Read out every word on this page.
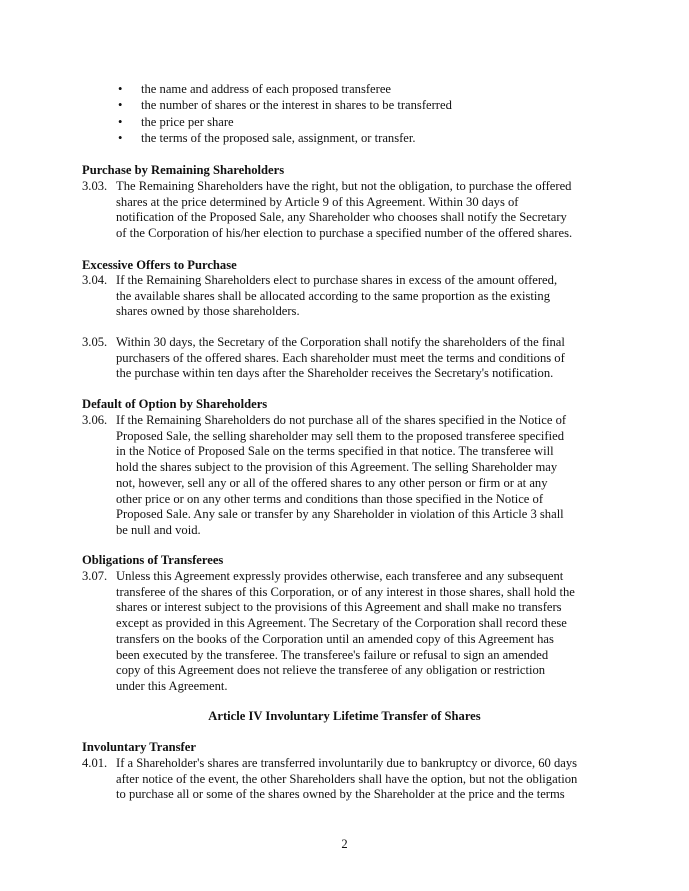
• the name and address of each proposed transferee
• the number of shares or the interest in shares to be transferred
• the price per share
• the terms of the proposed sale, assignment, or transfer.
Purchase by Remaining Shareholders
3.03. The Remaining Shareholders have the right, but not the obligation, to purchase the offered
shares at the price determined by Article 9 of this Agreement. Within 30 days of
notification of the Proposed Sale, any Shareholder who chooses shall notify the Secretary
of the Corporation of his/her election to purchase a specified number of the offered shares.
Excessive Offers to Purchase
3.04. If the Remaining Shareholders elect to purchase shares in excess of the amount offered,
the available shares shall be allocated according to the same proportion as the existing
shares owned by those shareholders.
3.05. Within 30 days, the Secretary of the Corporation shall notify the shareholders of the final
purchasers of the offered shares. Each shareholder must meet the terms and conditions of
the purchase within ten days after the Shareholder receives the Secretary's notification.
Default of Option by Shareholders
3.06. If the Remaining Shareholders do not purchase all of the shares specified in the Notice of
Proposed Sale, the selling shareholder may sell them to the proposed transferee specified
in the Notice of Proposed Sale on the terms specified in that notice. The transferee will
hold the shares subject to the provision of this Agreement. The selling Shareholder may
not, however, sell any or all of the offered shares to any other person or firm or at any
other price or on any other terms and conditions than those specified in the Notice of
Proposed Sale. Any sale or transfer by any Shareholder in violation of this Article 3 shall
be null and void.
Obligations of Transferees
3.07. Unless this Agreement expressly provides otherwise, each transferee and any subsequent
transferee of the shares of this Corporation, or of any interest in those shares, shall hold the
shares or interest subject to the provisions of this Agreement and shall make no transfers
except as provided in this Agreement. The Secretary of the Corporation shall record these
transfers on the books of the Corporation until an amended copy of this Agreement has
been executed by the transferee. The transferee's failure or refusal to sign an amended
copy of this Agreement does not relieve the transferee of any obligation or restriction
under this Agreement.
Article IV Involuntary Lifetime Transfer of Shares
Involuntary Transfer
4.01. If a Shareholder's shares are transferred involuntarily due to bankruptcy or divorce, 60 days
after notice of the event, the other Shareholders shall have the option, but not the obligation
to purchase all or some of the shares owned by the Shareholder at the price and the terms
2
